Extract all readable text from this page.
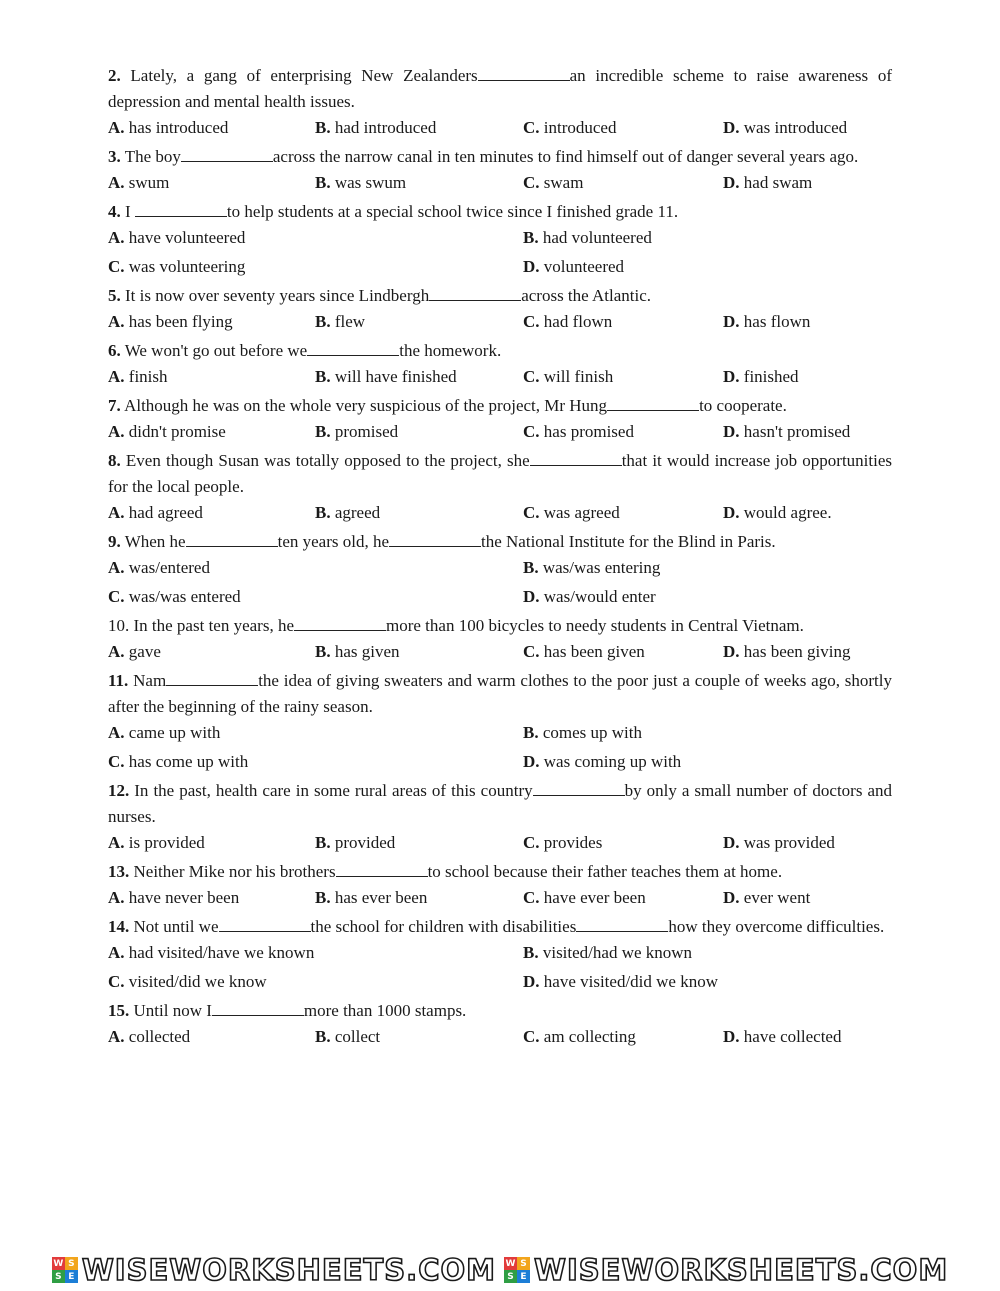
2. Lately, a gang of enterprising New Zealanders	an incredible scheme to raise awareness of depression and mental health issues.

A. has introduced	B. had introduced	C. introduced	D. was introduced

3. The boy	across the narrow canal in ten minutes to find himself out of danger several years ago.

A. swum	B. was swum	C. swam	D. had swam

4. I	to help students at a special school twice since I finished grade 11.

A. have volunteered	B. had volunteered
C. was volunteering	D. volunteered

5. It is now over seventy years since Lindbergh	across the Atlantic.

A. has been flying	B. flew	C. had flown	D. has flown

6. We won't go out before we	the homework.

A. finish	B. will have finished	C. will finish	D. finished

7. Although he was on the whole very suspicious of the project, Mr Hung	to cooperate.

A. didn't promise	B. promised	C. has promised	D. hasn't promised

8. Even though Susan was totally opposed to the project, she	that it would increase job opportunities for the local people.

A. had agreed	B. agreed	C. was agreed	D. would agree.

9. When he	ten years old, he	the National Institute for the Blind in Paris.

A. was/entered	B. was/was entering
C. was/was entered	D. was/would enter

10. In the past ten years, he	more than 100 bicycles to needy students in Central Vietnam.

A. gave	B. has given	C. has been given	D. has been giving

11. Nam	the idea of giving sweaters and warm clothes to the poor just a couple of weeks ago, shortly after the beginning of the rainy season.

A. came up with	B. comes up with
C. has come up with	D. was coming up with

12. In the past, health care in some rural areas of this country	by only a small number of doctors and nurses.

A. is provided	B. provided	C. provides	D. was provided

13. Neither Mike nor his brothers	to school because their father teaches them at home.

A. have never been	B. has ever been	C. have ever been	D. ever went

14. Not until we	the school for children with disabilities	how they overcome difficulties.

A. had visited/have we known	B. visited/had we known
C. visited/did we know	D. have visited/did we know

15. Until now I	more than 1000 stamps.

A. collected	B. collect	C. am collecting	D. have collected
W S
S E WISEWORKSHEETS.COM W S
S E WISEWORKSHEETS.COM
